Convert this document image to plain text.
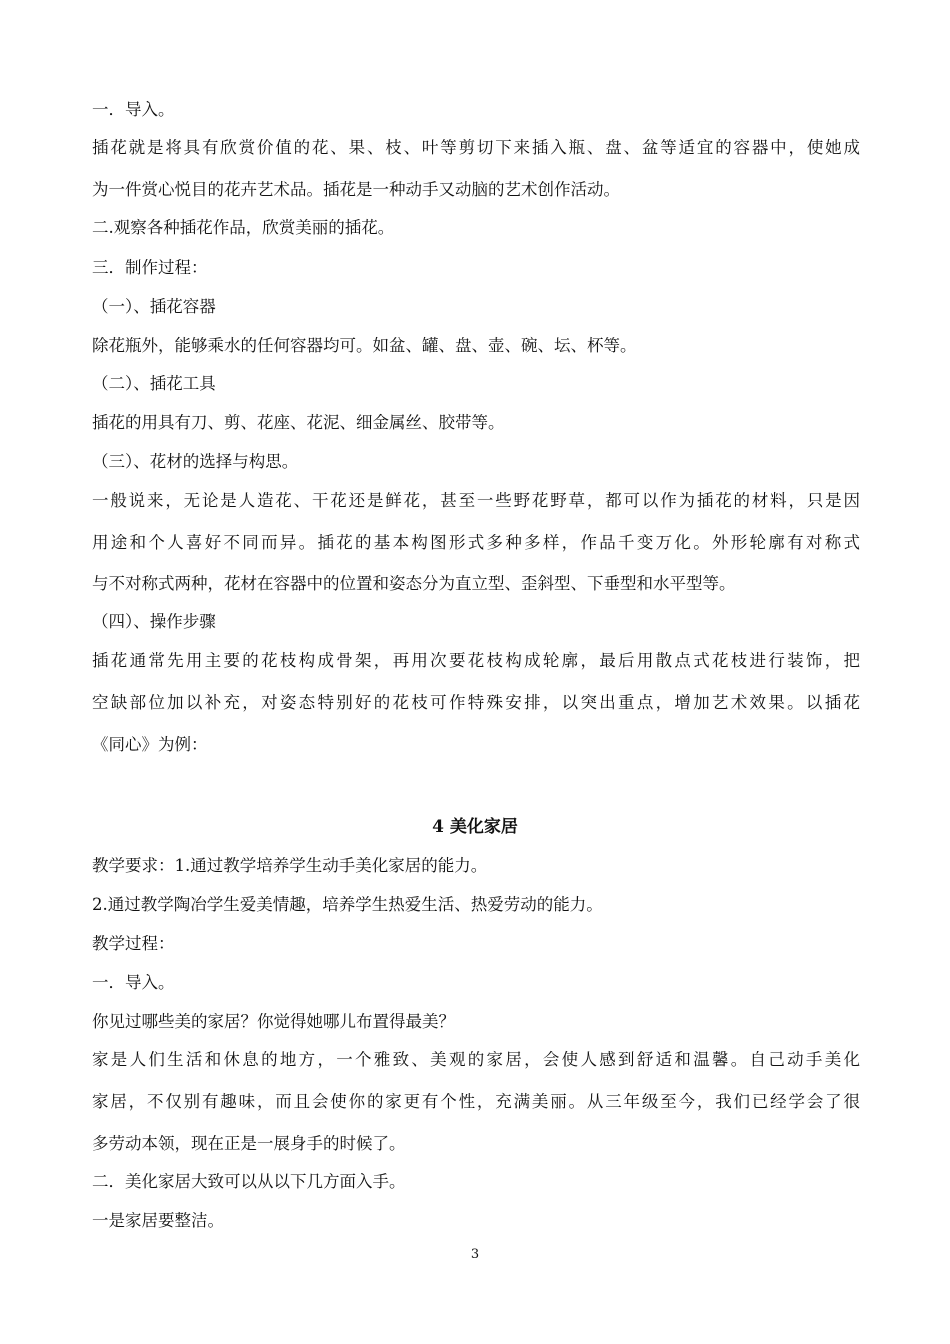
一．导入。
插花就是将具有欣赏价值的花、果、枝、叶等剪切下来插入瓶、盘、盆等适宜的容器中，使她成
为一件赏心悦目的花卉艺术品。插花是一种动手又动脑的艺术创作活动。
二.观察各种插花作品，欣赏美丽的插花。
三．制作过程：
（一）、插花容器
除花瓶外，能够乘水的任何容器均可。如盆、罐、盘、壶、碗、坛、杯等。
（二）、插花工具
插花的用具有刀、剪、花座、花泥、细金属丝、胶带等。
（三）、花材的选择与构思。
一般说来，无论是人造花、干花还是鲜花，甚至一些野花野草，都可以作为插花的材料，只是因
用途和个人喜好不同而异。插花的基本构图形式多种多样，作品千变万化。外形轮廓有对称式
与不对称式两种，花材在容器中的位置和姿态分为直立型、歪斜型、下垂型和水平型等。
（四）、操作步骤
插花通常先用主要的花枝构成骨架，再用次要花枝构成轮廓，最后用散点式花枝进行装饰，把
空缺部位加以补充，对姿态特别好的花枝可作特殊安排，以突出重点，增加艺术效果。以插花
《同心》为例：
4 美化家居
教学要求：1.通过教学培养学生动手美化家居的能力。
2.通过教学陶冶学生爱美情趣，培养学生热爱生活、热爱劳动的能力。
教学过程：
一．导入。
你见过哪些美的家居？你觉得她哪儿布置得最美？
家是人们生活和休息的地方，一个雅致、美观的家居，会使人感到舒适和温馨。自己动手美化
家居，不仅别有趣味，而且会使你的家更有个性，充满美丽。从三年级至今，我们已经学会了很
多劳动本领，现在正是一展身手的时候了。
二．美化家居大致可以从以下几方面入手。
一是家居要整洁。
3
